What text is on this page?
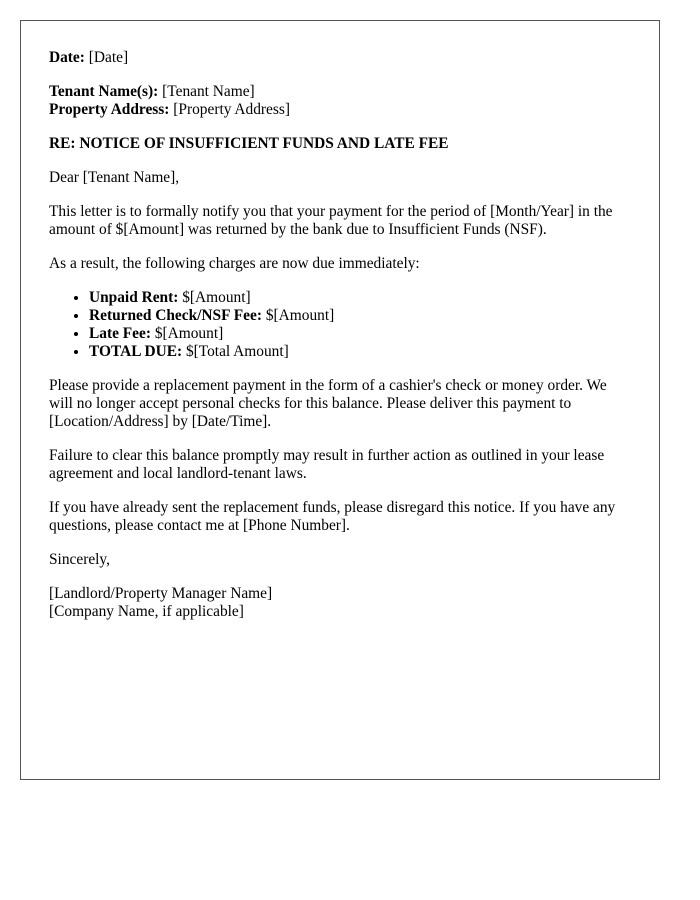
Date: [Date]

Tenant Name(s): [Tenant Name]

Property Address: [Property Address]

RE: NOTICE OF INSUFFICIENT FUNDS AND LATE FEE

Dear [Tenant Name],

This letter is to formally notify you that your payment for the period of [Month/Year] in the amount of $[Amount] was returned by the bank due to Insufficient Funds (NSF).

As a result, the following charges are now due immediately:

• Unpaid Rent: $[Amount]
• Returned Check/NSF Fee: $[Amount]
• Late Fee: $[Amount]
• TOTAL DUE: $[Total Amount]

Please provide a replacement payment in the form of a cashier's check or money order. We will no longer accept personal checks for this balance. Please deliver this payment to [Location/Address] by [Date/Time].

Failure to clear this balance promptly may result in further action as outlined in your lease agreement and local landlord-tenant laws.

If you have already sent the replacement funds, please disregard this notice. If you have any questions, please contact me at [Phone Number].

Sincerely,

[Landlord/Property Manager Name]

[Company Name, if applicable]
